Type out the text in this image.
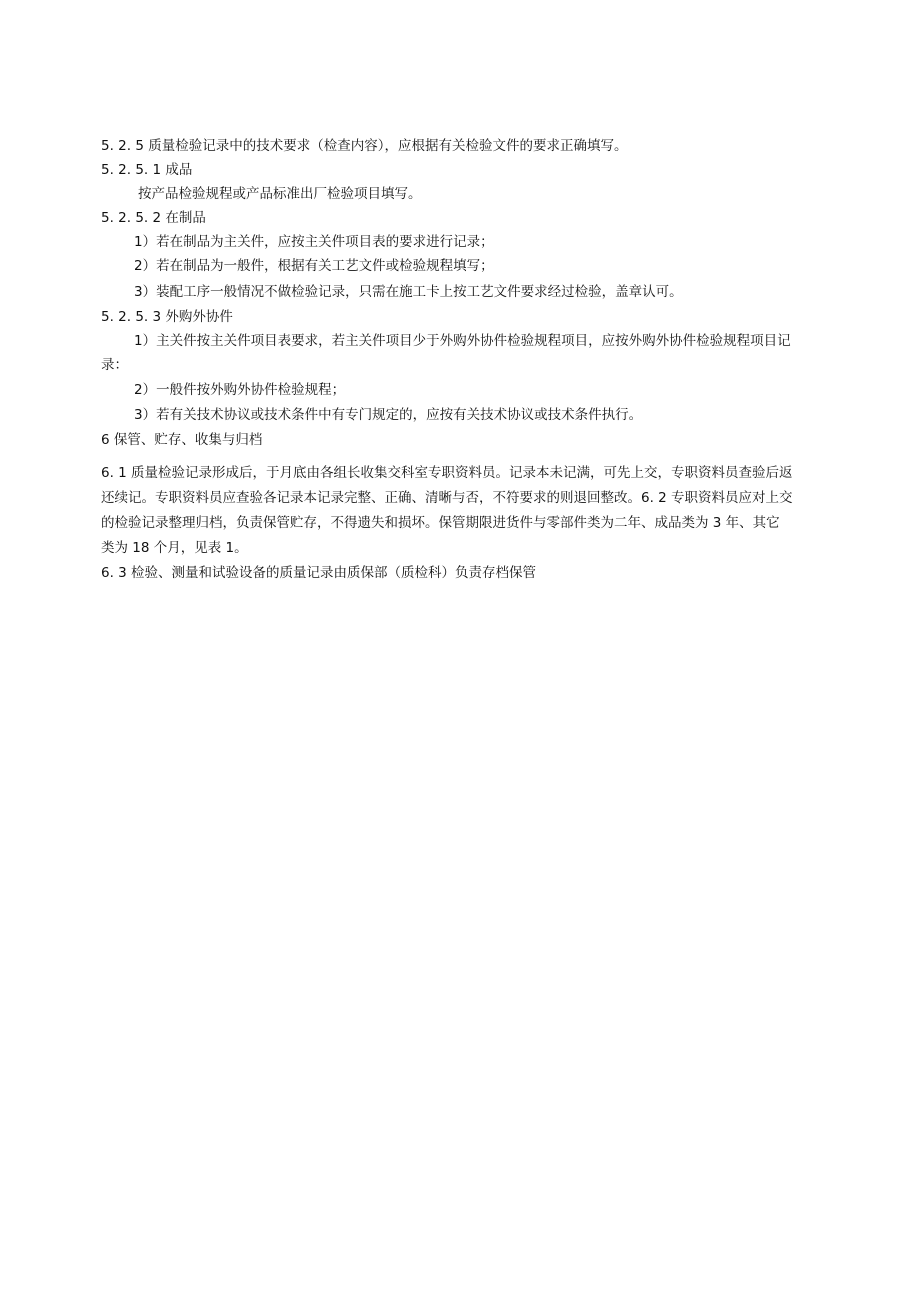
5. 2. 5 质量检验记录中的技术要求（检查内容），应根据有关检验文件的要求正确填写。
5. 2. 5. 1 成品
按产品检验规程或产品标准出厂检验项目填写。
5. 2. 5. 2 在制品
1）若在制品为主关件，应按主关件项目表的要求进行记录；
2）若在制品为一般件，根据有关工艺文件或检验规程填写；
3）装配工序一般情况不做检验记录，只需在施工卡上按工艺文件要求经过检验，盖章认可。
5. 2. 5. 3 外购外协件
1）主关件按主关件项目表要求，若主关件项目少于外购外协件检验规程项目，应按外购外协件检验规程项目记
录：
2）一般件按外购外协件检验规程；
3）若有关技术协议或技术条件中有专门规定的，应按有关技术协议或技术条件执行。
6 保管、贮存、收集与归档
6. 1 质量检验记录形成后，于月底由各组长收集交科室专职资料员。记录本未记满，可先上交，专职资料员查验后返
还续记。专职资料员应查验各记录本记录完整、正确、清晰与否，不符要求的则退回整改。6. 2 专职资料员应对上交
的检验记录整理归档，负责保管贮存，不得遗失和损坏。保管期限进货件与零部件类为二年、成品类为 3 年、其它
类为 18 个月，见表 1。
6. 3 检验、测量和试验设备的质量记录由质保部（质检科）负责存档保管
